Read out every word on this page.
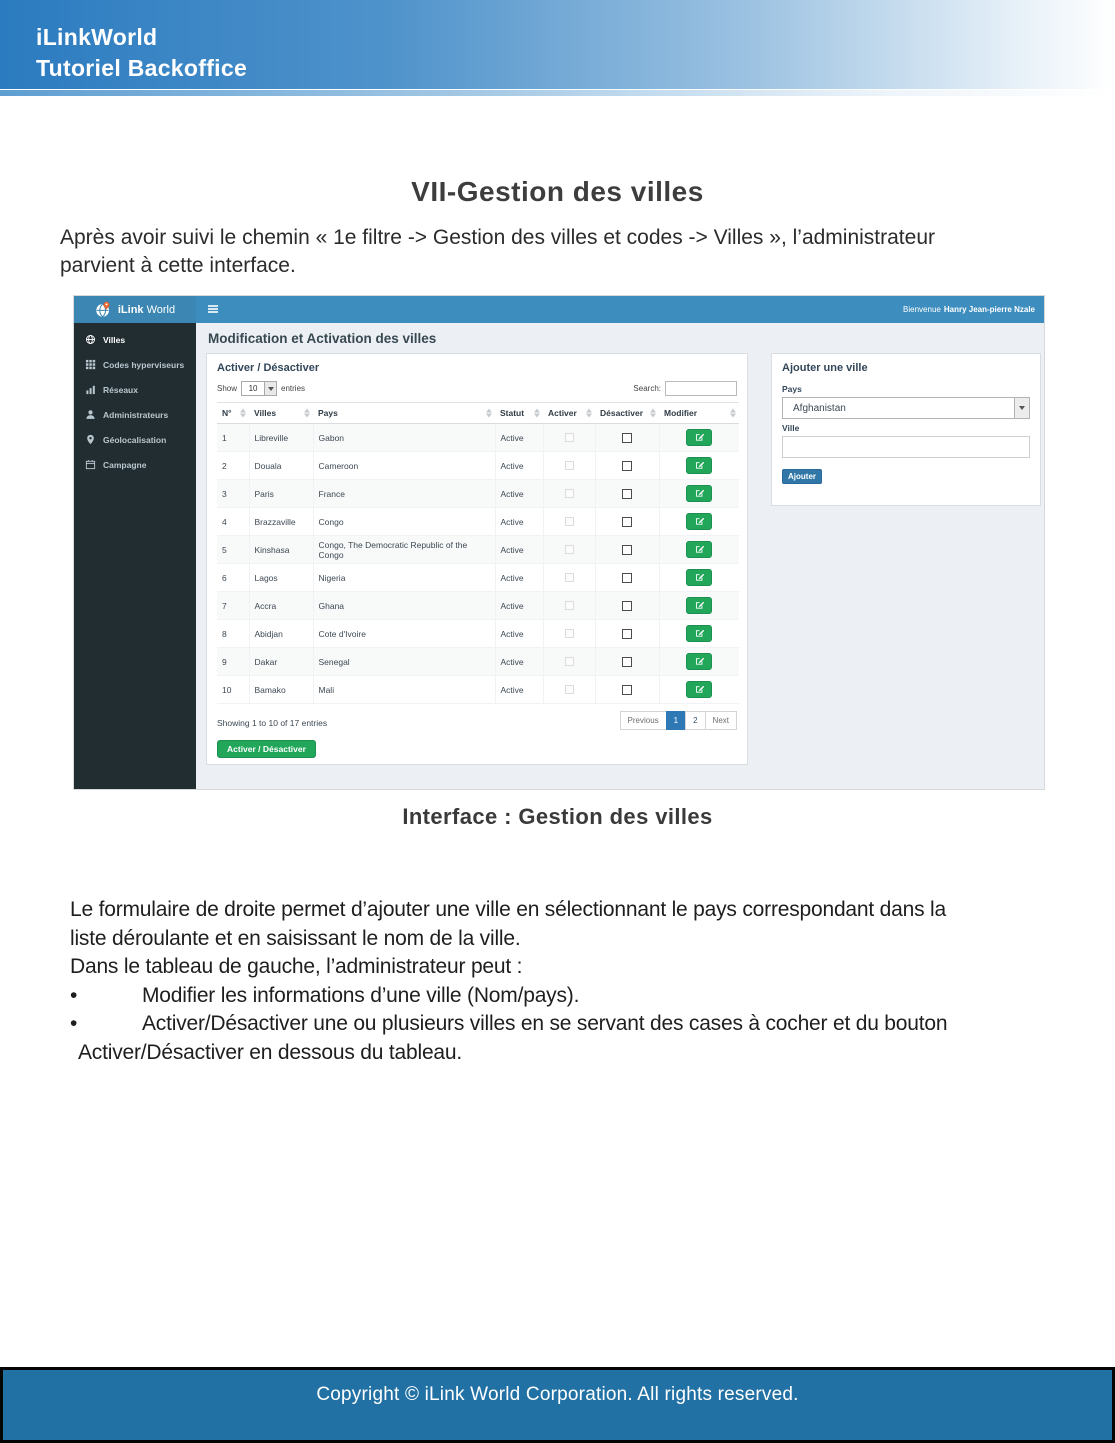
iLinkWorld
Tutoriel Backoffice
VII-Gestion des villes
Après avoir suivi le chemin « 1e filtre -> Gestion des villes et codes -> Villes », l’administrateur
parvient à cette interface.
iLink World	Bienvenue Hanry Jean-pierre Nzale
Villes
Codes hyperviseurs
Réseaux
Administrateurs
Géolocalisation
Campagne
Modification et Activation des villes
Activer / Désactiver
Show	10	entries	Search:
N°	Villes	Pays	Statut	Activer	Désactiver	Modifier

1	Libreville	Gabon	Active	

2	Douala	Cameroon	Active	

3	Paris	France	Active	

4	Brazzaville	Congo	Active	

5	Kinshasa	Congo, The Democratic Republic of the Congo	Active	

6	Lagos	Nigeria	Active	

7	Accra	Ghana	Active	

8	Abidjan	Cote d'Ivoire	Active	

9	Dakar	Senegal	Active	

10	Bamako	Mali	Active	

Showing 1 to 10 of 17 entries	Previous	1	2	Next
Activer / Désactiver
Ajouter une ville
Pays
Afghanistan
Ville
Ajouter
Interface : Gestion des villes
Le formulaire de droite permet d’ajouter une ville en sélectionnant le pays correspondant dans la
liste déroulante et en saisissant le nom de la ville.
Dans le tableau de gauche, l’administrateur peut :
•	Modifier les informations d’une ville (Nom/pays).
•	Activer/Désactiver une ou plusieurs villes en se servant des cases à cocher et du bouton
Activer/Désactiver en dessous du tableau.
Copyright © iLink World Corporation. All rights reserved.
